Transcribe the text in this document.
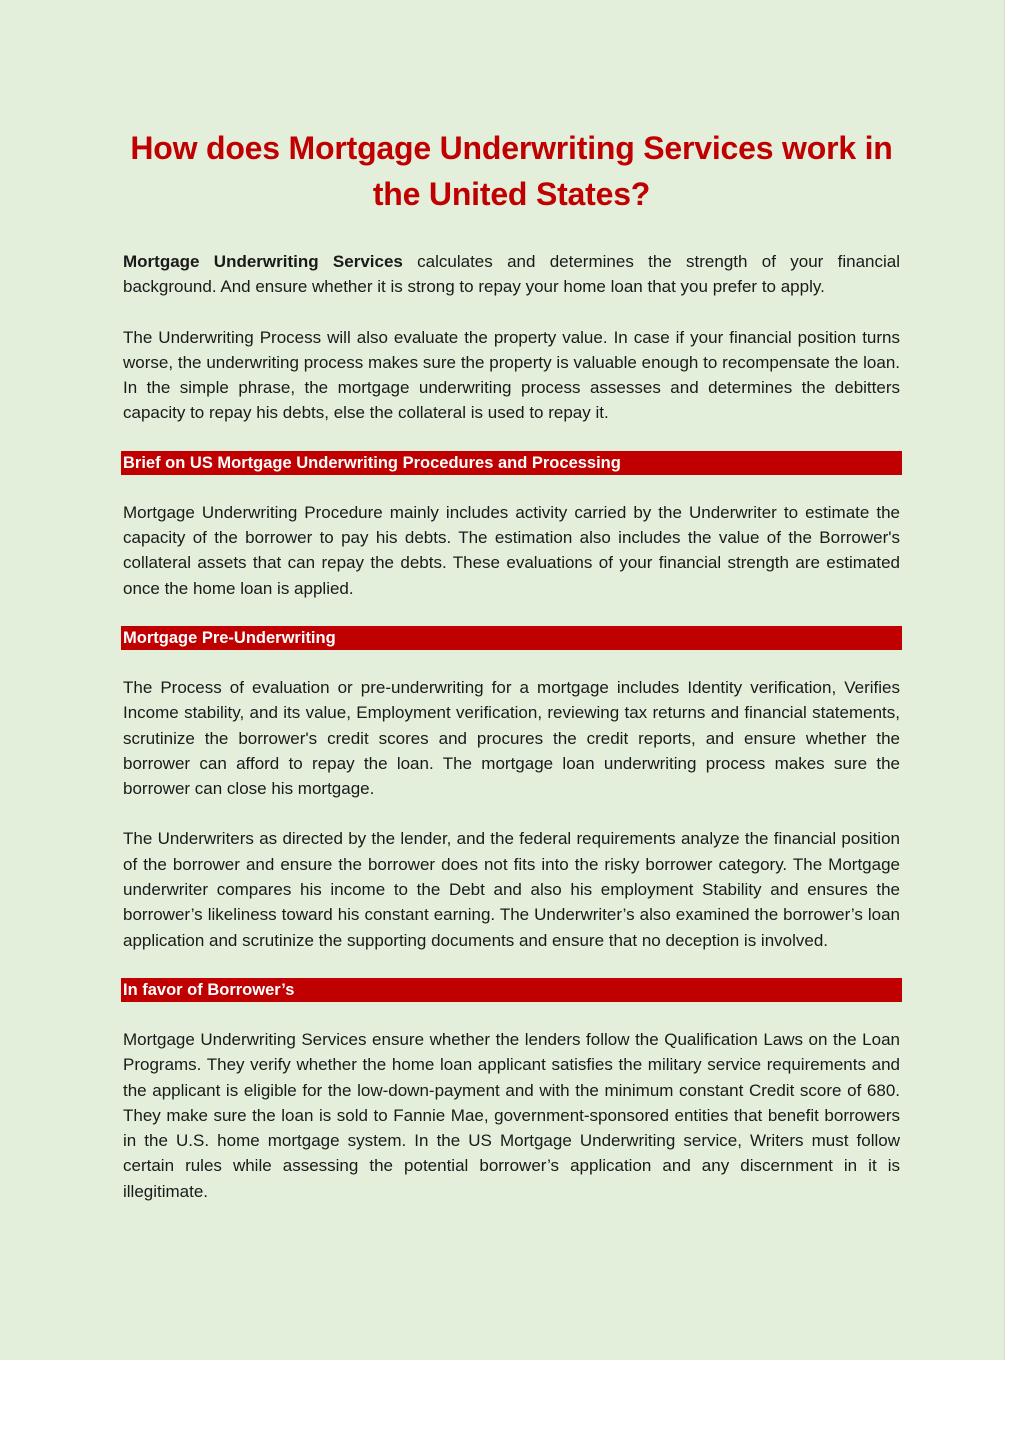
How does Mortgage Underwriting Services work in the United States?

Mortgage Underwriting Services calculates and determines the strength of your financial background. And ensure whether it is strong to repay your home loan that you prefer to apply.

The Underwriting Process will also evaluate the property value. In case if your financial position turns worse, the underwriting process makes sure the property is valuable enough to recompensate the loan. In the simple phrase, the mortgage underwriting process assesses and determines the debitters capacity to repay his debts, else the collateral is used to repay it.

Brief on US Mortgage Underwriting Procedures and Processing

Mortgage Underwriting Procedure mainly includes activity carried by the Underwriter to estimate the capacity of the borrower to pay his debts. The estimation also includes the value of the Borrower's collateral assets that can repay the debts. These evaluations of your financial strength are estimated once the home loan is applied.

Mortgage Pre-Underwriting

The Process of evaluation or pre-underwriting for a mortgage includes Identity verification, Verifies Income stability, and its value, Employment verification, reviewing tax returns and financial statements, scrutinize the borrower's credit scores and procures the credit reports, and ensure whether the borrower can afford to repay the loan. The mortgage loan underwriting process makes sure the borrower can close his mortgage.

The Underwriters as directed by the lender, and the federal requirements analyze the financial position of the borrower and ensure the borrower does not fits into the risky borrower category. The Mortgage underwriter compares his income to the Debt and also his employment Stability and ensures the borrower’s likeliness toward his constant earning. The Underwriter’s also examined the borrower’s loan application and scrutinize the supporting documents and ensure that no deception is involved.

In favor of Borrower’s

Mortgage Underwriting Services ensure whether the lenders follow the Qualification Laws on the Loan Programs. They verify whether the home loan applicant satisfies the military service requirements and the applicant is eligible for the low-down-payment and with the minimum constant Credit score of 680. They make sure the loan is sold to Fannie Mae, government-sponsored entities that benefit borrowers in the U.S. home mortgage system. In the US Mortgage Underwriting service, Writers must follow certain rules while assessing the potential borrower’s application and any discernment in it is illegitimate.
